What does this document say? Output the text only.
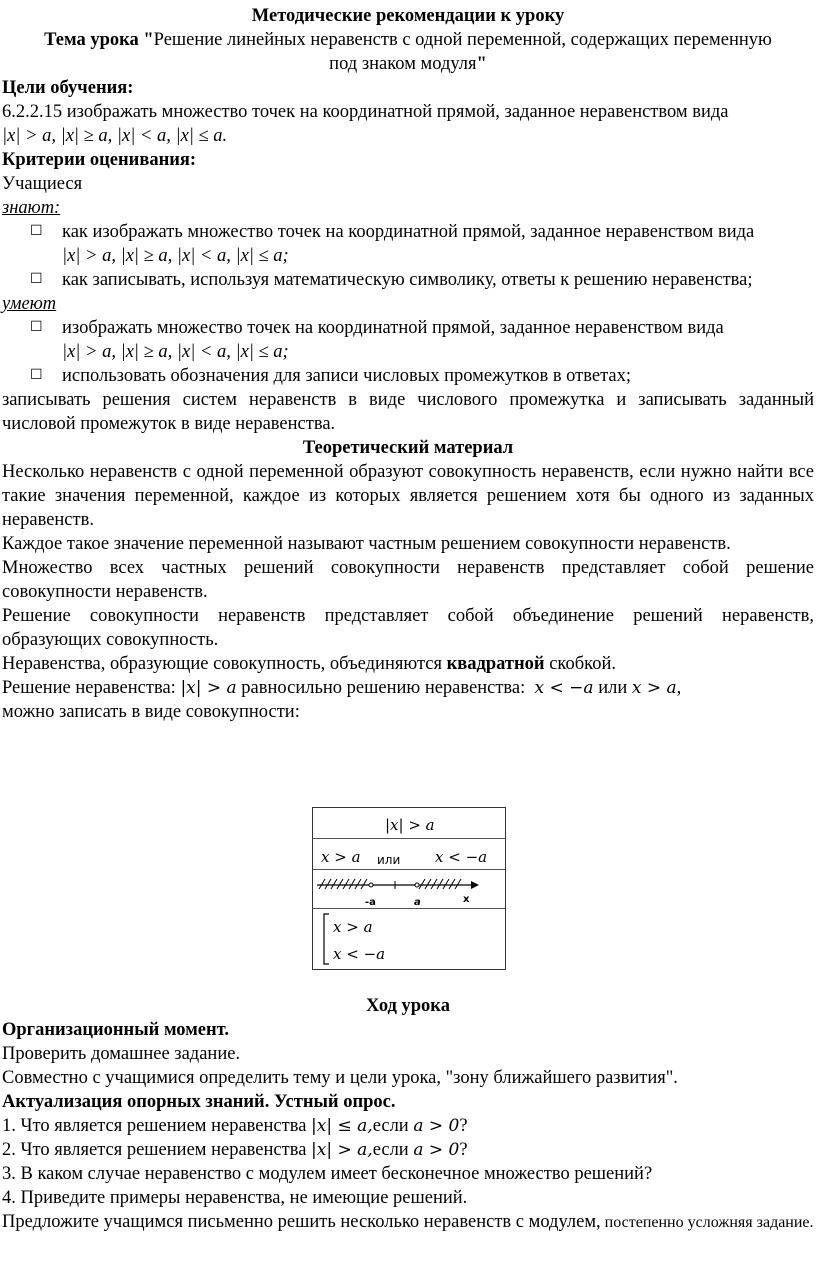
Методические рекомендации к уроку

Тема урока "Решение линейных неравенств с одной переменной, содержащих переменную под знаком модуля"

Цели обучения:

6.2.2.15 изображать множество точек на координатной прямой, заданное неравенством вида

|x| > a, |x| ≥ a, |x| < a, |x| ≤ a.

Критерии оценивания:

Учащиеся

знают:

☐	как изображать множество точек на координатной прямой, заданное неравенством вида
|x| > a, |x| ≥ a, |x| < a, |x| ≤ a;
☐	как записывать, используя математическую символику, ответы к решению неравенства;

умеют

☐	изображать множество точек на координатной прямой, заданное неравенством вида
|x| > a, |x| ≥ a, |x| < a, |x| ≤ a;
☐	использовать обозначения для записи числовых промежутков в ответах;

записывать решения систем неравенств в виде числового промежутка и записывать заданный числовой промежуток в виде неравенства.

Теоретический материал

Несколько неравенств с одной переменной образуют совокупность неравенств, если нужно найти все такие значения переменной, каждое из которых является решением хотя бы одного из заданных неравенств.

Каждое такое значение переменной называют частным решением совокупности неравенств.

Множество всех частных решений совокупности неравенств представляет собой решение совокупности неравенств.

Решение совокупности неравенств представляет собой объединение решений неравенств, образующих совокупность.

Неравенства, образующие совокупность, объединяются квадратной скобкой.

Решение неравенства: |x| > a равносильно решению неравенства:  x < −a или x > a,

можно записать в виде совокупности:

|x| > a
x > a или x < −a
-a	a	x
x > a
x < −a

Ход урока

Организационный момент.

Проверить домашнее задание.

Совместно с учащимися определить тему и цели урока, "зону ближайшего развития".

Актуализация опорных знаний. Устный опрос.

1. Что является решением неравенства |x| ≤ a,если a > 0?

2. Что является решением неравенства |x| > a,если a > 0?

3. В каком случае неравенство с модулем имеет бесконечное множество решений?

4. Приведите примеры неравенства, не имеющие решений.

Предложите учащимся письменно решить несколько неравенств с модулем, постепенно усложняя задание.
